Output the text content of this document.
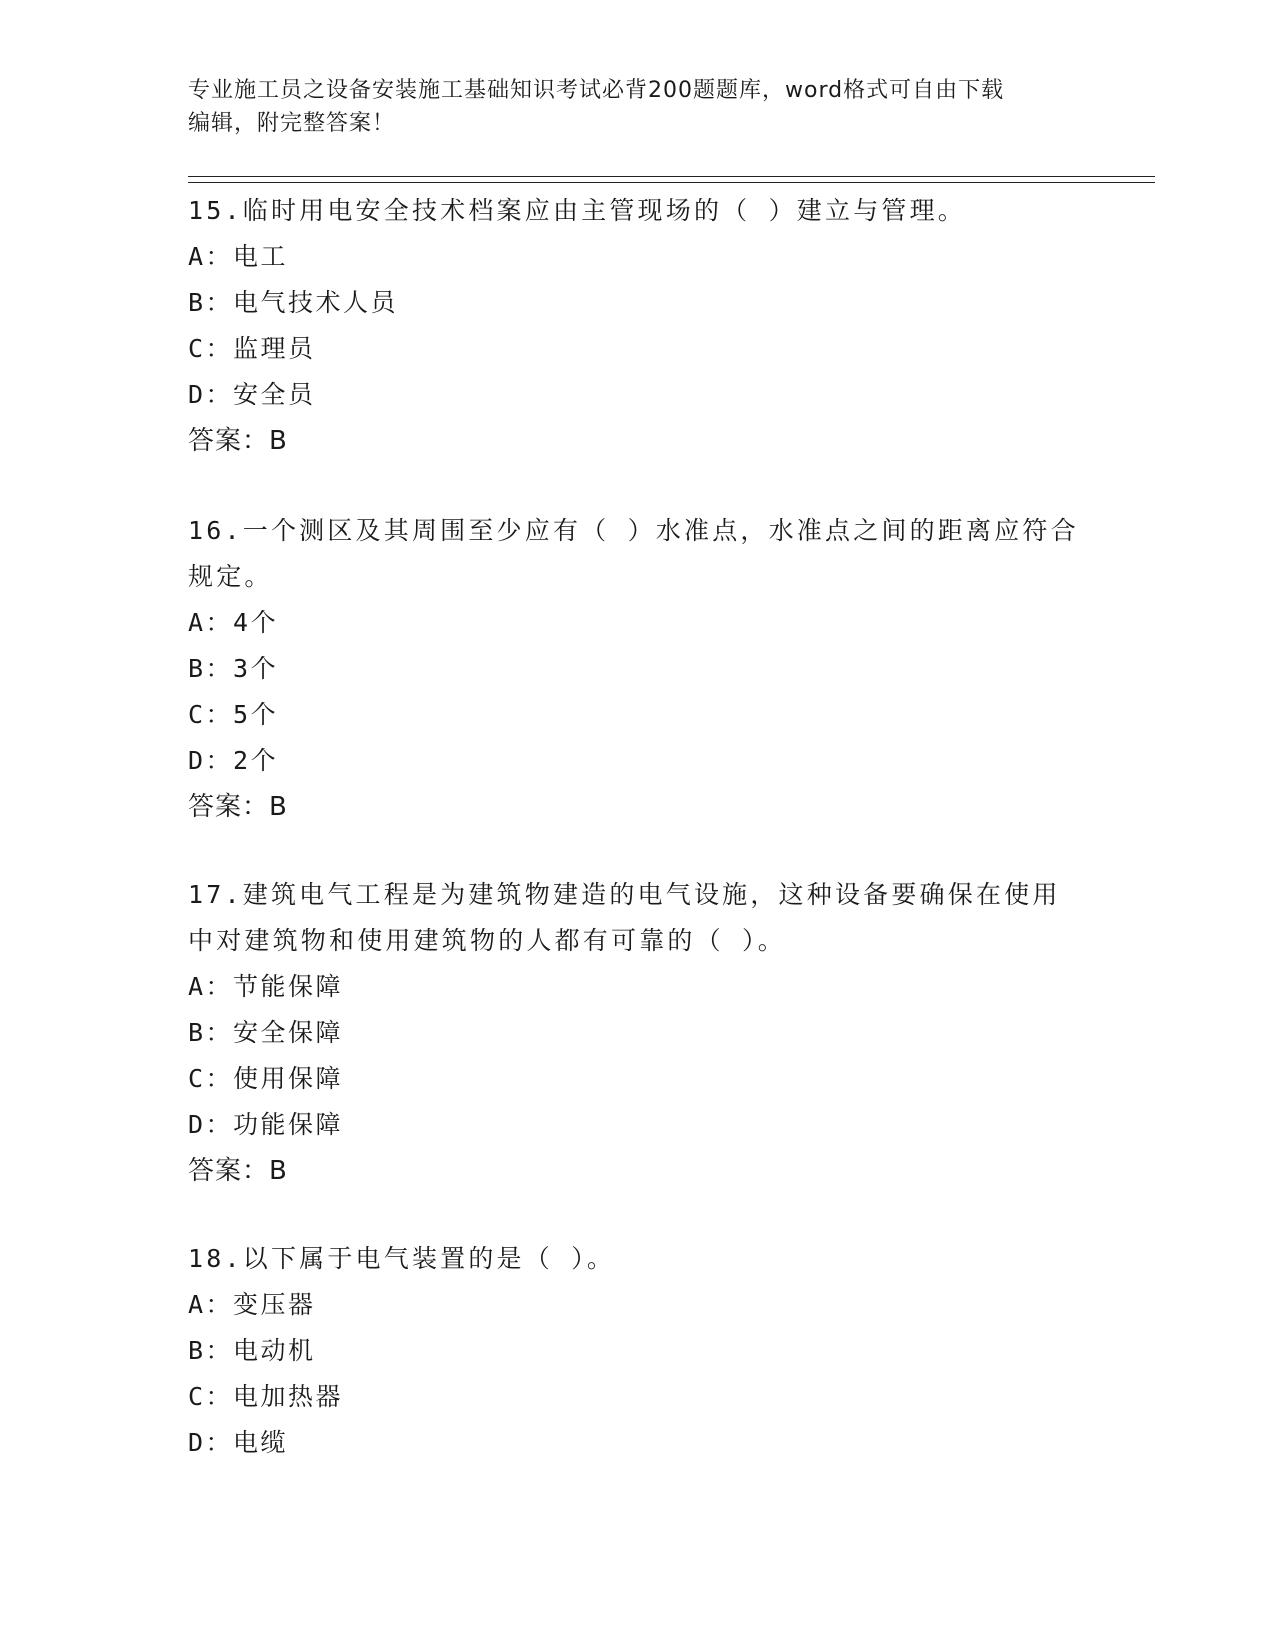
专业施工员之设备安装施工基础知识考试必背200题题库，word格式可自由下载
编辑，附完整答案！
15.临时用电安全技术档案应由主管现场的（ ）建立与管理。
A：电工
B：电气技术人员
C：监理员
D：安全员
答案：B
16.一个测区及其周围至少应有（ ）水准点，水准点之间的距离应符合规定。
A：4个
B：3个
C：5个
D：2个
答案：B
17.建筑电气工程是为建筑物建造的电气设施，这种设备要确保在使用中对建筑物和使用建筑物的人都有可靠的（ ）。
A：节能保障
B：安全保障
C：使用保障
D：功能保障
答案：B
18.以下属于电气装置的是（ ）。
A：变压器
B：电动机
C：电加热器
D：电缆
